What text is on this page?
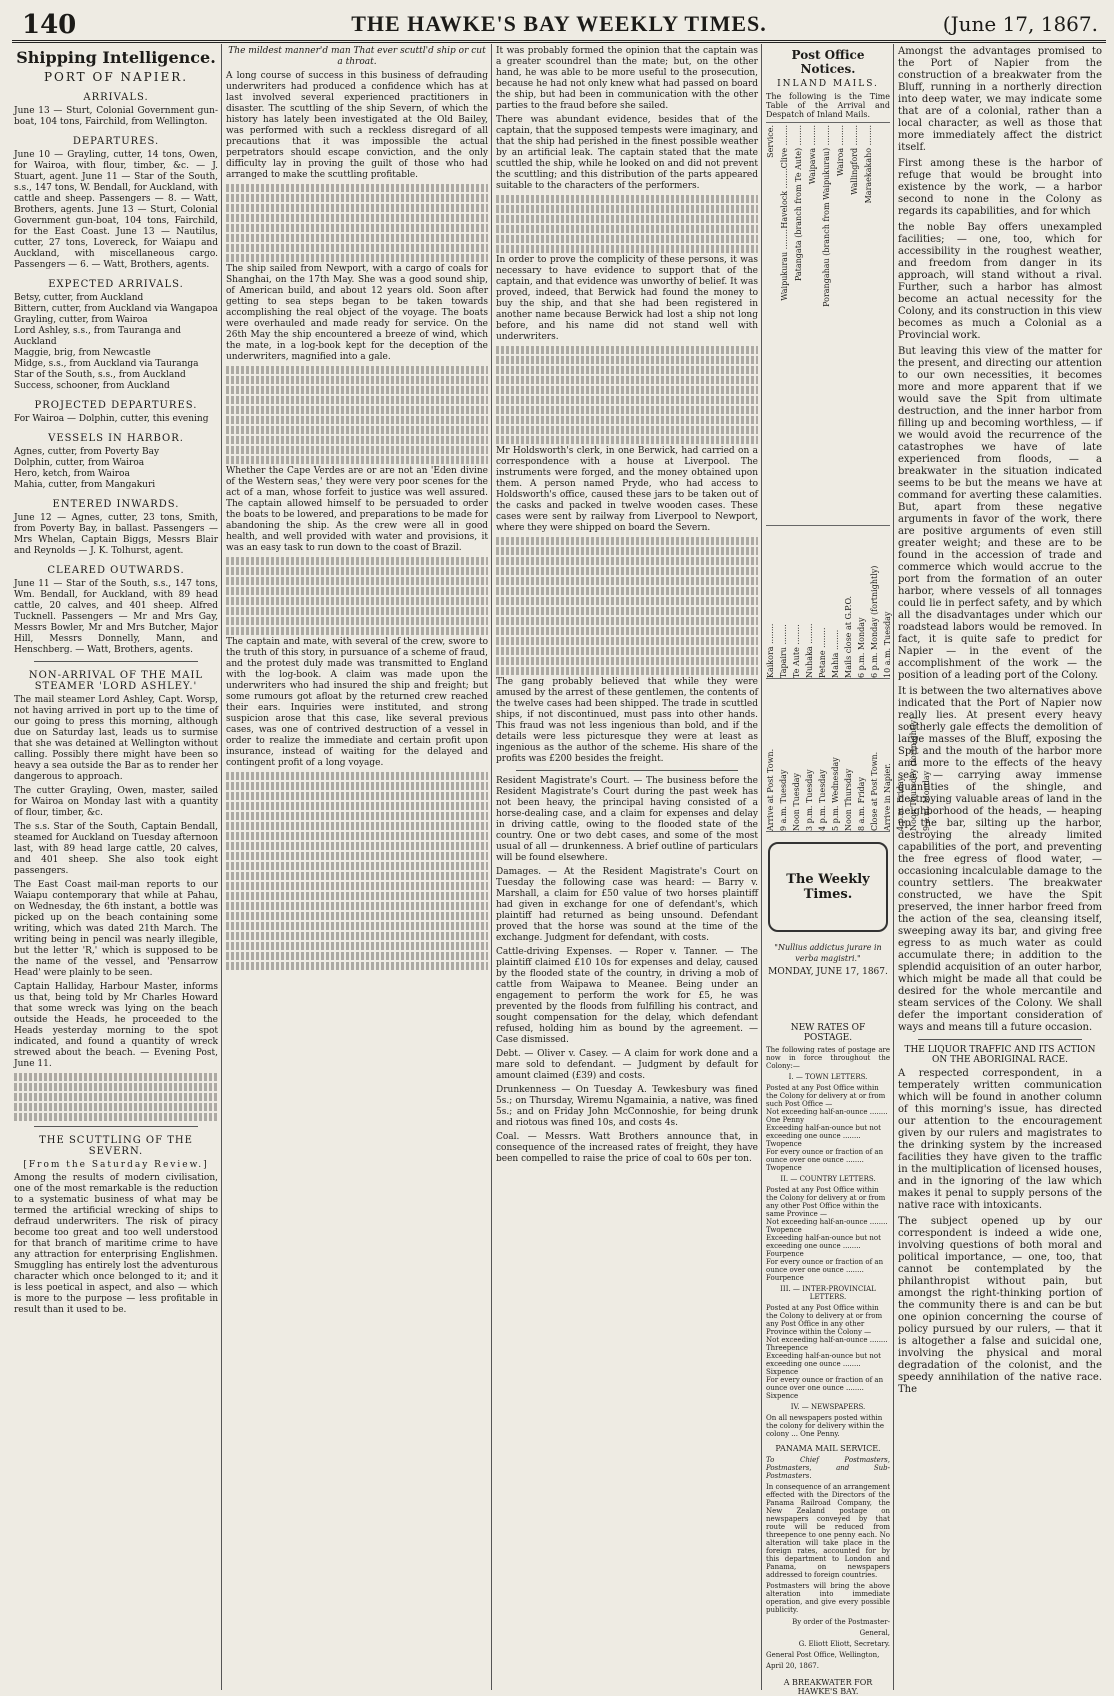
140	THE HAWKE'S BAY WEEKLY TIMES.	(June 17, 1867.
Shipping Intelligence.
PORT OF NAPIER.
ARRIVALS.

June 13 — Sturt, Colonial Government gun-boat, 104 tons, Fairchild, from Wellington.

DEPARTURES.

June 10 — Grayling, cutter, 14 tons, Owen, for Wairoa, with flour, timber, &c. — J. Stuart, agent. June 11 — Star of the South, s.s., 147 tons, W. Bendall, for Auckland, with cattle and sheep. Passengers — 8. — Watt, Brothers, agents. June 13 — Sturt, Colonial Government gun-boat, 104 tons, Fairchild, for the East Coast. June 13 — Nautilus, cutter, 27 tons, Lovereck, for Waiapu and Auckland, with miscellaneous cargo. Passengers — 6. — Watt, Brothers, agents.

EXPECTED ARRIVALS.
Betsy, cutter, from Auckland
Bittern, cutter, from Auckland via Wangapoa
Grayling, cutter, from Wairoa
Lord Ashley, s.s., from Tauranga and Auckland
Maggie, brig, from Newcastle
Midge, s.s., from Auckland via Tauranga
Star of the South, s.s., from Auckland
Success, schooner, from Auckland
PROJECTED DEPARTURES.

For Wairoa — Dolphin, cutter, this evening

VESSELS IN HARBOR.
Agnes, cutter, from Poverty Bay
Dolphin, cutter, from Wairoa
Hero, ketch, from Wairoa
Mahia, cutter, from Mangakuri
ENTERED INWARDS.

June 12 — Agnes, cutter, 23 tons, Smith, from Poverty Bay, in ballast. Passengers — Mrs Whelan, Captain Biggs, Messrs Blair and Reynolds — J. K. Tolhurst, agent.

CLEARED OUTWARDS.

June 11 — Star of the South, s.s., 147 tons, Wm. Bendall, for Auckland, with 89 head cattle, 20 calves, and 401 sheep. Alfred Tucknell. Passengers — Mr and Mrs Gay, Messrs Bowler, Mr and Mrs Butcher, Major Hill, Messrs Donnelly, Mann, and Henschberg. — Watt, Brothers, agents.

NON-ARRIVAL OF THE MAIL STEAMER 'LORD ASHLEY.'

The mail steamer Lord Ashley, Capt. Worsp, not having arrived in port up to the time of our going to press this morning, although due on Saturday last, leads us to surmise that she was detained at Wellington without calling. Possibly there might have been so heavy a sea outside the Bar as to render her dangerous to approach.

The cutter Grayling, Owen, master, sailed for Wairoa on Monday last with a quantity of flour, timber, &c.

The s.s. Star of the South, Captain Bendall, steamed for Auckland on Tuesday afternoon last, with 89 head large cattle, 20 calves, and 401 sheep. She also took eight passengers.

The East Coast mail-man reports to our Waiapu contemporary that while at Pahau, on Wednesday, the 6th instant, a bottle was picked up on the beach containing some writing, which was dated 21th March. The writing being in pencil was nearly illegible, but the letter 'R,' which is supposed to be the name of the vessel, and 'Pensarrow Head' were plainly to be seen.

Captain Halliday, Harbour Master, informs us that, being told by Mr Charles Howard that some wreck was lying on the beach outside the Heads, he proceeded to the Heads yesterday morning to the spot indicated, and found a quantity of wreck strewed about the beach. — Evening Post, June 11.

THE SCUTTLING OF THE SEVERN.
[From the Saturday Review.]

Among the results of modern civilisation, one of the most remarkable is the reduction to a systematic business of what may be termed the artificial wrecking of ships to defraud underwriters. The risk of piracy become too great and too well understood for that branch of maritime crime to have any attraction for enterprising Englishmen. Smuggling has entirely lost the adventurous character which once belonged to it; and it is less poetical in aspect, and also — which is more to the purpose — less profitable in result than it used to be.

The mildest manner'd man That ever scuttl'd ship or cut a throat.

A long course of success in this business of defrauding underwriters had produced a confidence which has at last involved several experienced practitioners in disaster. The scuttling of the ship Severn, of which the history has lately been investigated at the Old Bailey, was performed with such a reckless disregard of all precautions that it was impossible the actual perpetrators should escape conviction, and the only difficulty lay in proving the guilt of those who had arranged to make the scuttling profitable.

The ship sailed from Newport, with a cargo of coals for Shanghai, on the 17th May. She was a good sound ship, of American build, and about 12 years old. Soon after getting to sea steps began to be taken towards accomplishing the real object of the voyage. The boats were overhauled and made ready for service. On the 26th May the ship encountered a breeze of wind, which the mate, in a log-book kept for the deception of the underwriters, magnified into a gale.

Whether the Cape Verdes are or are not an 'Eden divine of the Western seas,' they were very poor scenes for the act of a man, whose forfeit to justice was well assured. The captain allowed himself to be persuaded to order the boats to be lowered, and preparations to be made for abandoning the ship. As the crew were all in good health, and well provided with water and provisions, it was an easy task to run down to the coast of Brazil.

The captain and mate, with several of the crew, swore to the truth of this story, in pursuance of a scheme of fraud, and the protest duly made was transmitted to England with the log-book. A claim was made upon the underwriters who had insured the ship and freight; but some rumours got afloat by the returned crew reached their ears. Inquiries were instituted, and strong suspicion arose that this case, like several previous cases, was one of contrived destruction of a vessel in order to realize the immediate and certain profit upon insurance, instead of waiting for the delayed and contingent profit of a long voyage.

It was probably formed the opinion that the captain was a greater scoundrel than the mate; but, on the other hand, he was able to be more useful to the prosecution, because he had not only knew what had passed on board the ship, but had been in communication with the other parties to the fraud before she sailed.

There was abundant evidence, besides that of the captain, that the supposed tempests were imaginary, and that the ship had perished in the finest possible weather by an artificial leak. The captain stated that the mate scuttled the ship, while he looked on and did not prevent the scuttling; and this distribution of the parts appeared suitable to the characters of the performers.

In order to prove the complicity of these persons, it was necessary to have evidence to support that of the captain, and that evidence was unworthy of belief. It was proved, indeed, that Berwick had found the money to buy the ship, and that she had been registered in another name because Berwick had lost a ship not long before, and his name did not stand well with underwriters.

Mr Holdsworth's clerk, in one Berwick, had carried on a correspondence with a house at Liverpool. The instruments were forged, and the money obtained upon them. A person named Pryde, who had access to Holdsworth's office, caused these jars to be taken out of the casks and packed in twelve wooden cases. These cases were sent by railway from Liverpool to Newport, where they were shipped on board the Severn.

The gang probably believed that while they were amused by the arrest of these gentlemen, the contents of the twelve cases had been shipped. The trade in scuttled ships, if not discontinued, must pass into other hands. This fraud was not less ingenious than bold, and if the details were less picturesque they were at least as ingenious as the author of the scheme. His share of the profits was £200 besides the freight.

Resident Magistrate's Court. — The business before the Resident Magistrate's Court during the past week has not been heavy, the principal having consisted of a horse-dealing case, and a claim for expenses and delay in driving cattle, owing to the flooded state of the country. One or two debt cases, and some of the most usual of all — drunkenness. A brief outline of particulars will be found elsewhere.

Damages. — At the Resident Magistrate's Court on Tuesday the following case was heard: — Barry v. Marshall, a claim for £50 value of two horses plaintiff had given in exchange for one of defendant's, which plaintiff had returned as being unsound. Defendant proved that the horse was sound at the time of the exchange. Judgment for defendant, with costs.

Cattle-driving Expenses. — Roper v. Tanner. — The plaintiff claimed £10 10s for expenses and delay, caused by the flooded state of the country, in driving a mob of cattle from Waipawa to Meanee. Being under an engagement to perform the work for £5, he was prevented by the floods from fulfilling his contract, and sought compensation for the delay, which defendant refused, holding him as bound by the agreement. — Case dismissed.

Debt. — Oliver v. Casey. — A claim for work done and a mare sold to defendant. — Judgment by default for amount claimed (£39) and costs.

Drunkenness — On Tuesday A. Tewkesbury was fined 5s.; on Thursday, Wiremu Ngamainia, a native, was fined 5s.; and on Friday John McConnoshie, for being drunk and riotous was fined 10s, and costs 4s.

Coal. — Messrs. Watt Brothers announce that, in consequence of the increased rates of freight, they have been compelled to raise the price of coal to 60s per ton.

Post Office Notices.
INLAND MAILS.

The following is the Time Table of the Arrival and Despatch of Inland Mails.

Service. Clive ........
Havelock ........
Waipukurau ........ Patangata (branch from Te Aute) ........ Waipawa ........ Porangahau (branch from Waipukurau) ........ Wairoa ........ Wallingford ........ Maraekakaho ........
Kaikora ........ Tapairu ........ Te Aute ........ Nuhaka ........ Petane ........ Mahia ........ Mails close at G.P.O. 6 p.m. Monday 6 p.m. Monday (fortnightly) 10 a.m. Tuesday
Arrive at Post Town. 9 a.m. Tuesday Noon Tuesday 3 p.m. Tuesday 4 p.m. Tuesday 5 p.m. Wednesday Noon Thursday 8 a.m. Friday Close at Post Town. Arrive in Napier. 4 p.m. Friday Noon Thursday (fortnightly) 9 a.m. Monday
The Weekly Times.

"Nullius addictus jurare in verba magistri."

MONDAY, JUNE 17, 1867.
NEW RATES OF POSTAGE.

The following rates of postage are now in force throughout the Colony:—

I. — TOWN LETTERS.
Posted at any Post Office within the Colony for delivery at or from such Post Office —
Not exceeding half-an-ounce ........ One Penny
Exceeding half-an-ounce but not exceeding one ounce ........ Twopence
For every ounce or fraction of an ounce over one ounce ........ Twopence
II. — COUNTRY LETTERS.
Posted at any Post Office within the Colony for delivery at or from any other Post Office within the same Province —
Not exceeding half-an-ounce ........ Twopence
Exceeding half-an-ounce but not exceeding one ounce ........ Fourpence
For every ounce or fraction of an ounce over one ounce ........ Fourpence
III. — INTER-PROVINCIAL LETTERS.
Posted at any Post Office within the Colony to delivery at or from any Post Office in any other Province within the Colony —
Not exceeding half-an-ounce ........ Threepence
Exceeding half-an-ounce but not exceeding one ounce ........ Sixpence
For every ounce or fraction of an ounce over one ounce ........ Sixpence
IV. — NEWSPAPERS.
On all newspapers posted within the colony for delivery within the colony ... One Penny.
PANAMA MAIL SERVICE.

To Chief Postmasters, Postmasters, and Sub-Postmasters.

In consequence of an arrangement effected with the Directors of the Panama Railroad Company, the New Zealand postage on newspapers conveyed by that route will be reduced from threepence to one penny each. No alteration will take place in the foreign rates, accounted for by this department to London and Panama, on newspapers addressed to foreign countries.

Postmasters will bring the above alteration into immediate operation, and give every possible publicity.

By order of the Postmaster-General,
G. Eliott Eliott, Secretary.
General Post Office, Wellington, April 20, 1867.
A BREAKWATER FOR HAWKE'S BAY.

Amongst the advantages promised to the Port of Napier from the construction of a breakwater from the Bluff, running in a northerly direction into deep water, we may indicate some that are of a colonial, rather than a local character, as well as those that more immediately affect the district itself.

First among these is the harbor of refuge that would be brought into existence by the work, — a harbor second to none in the Colony as regards its capabilities, and for which

the noble Bay offers unexampled facilities; — one, too, which for accessibility in the roughest weather, and freedom from danger in its approach, will stand without a rival. Further, such a harbor has almost become an actual necessity for the Colony, and its construction in this view becomes as much a Colonial as a Provincial work.

But leaving this view of the matter for the present, and directing our attention to our own necessities, it becomes more and more apparent that if we would save the Spit from ultimate destruction, and the inner harbor from filling up and becoming worthless, — if we would avoid the recurrence of the catastrophes we have of late experienced from floods, — a breakwater in the situation indicated seems to be but the means we have at command for averting these calamities. But, apart from these negative arguments in favor of the work, there are positive arguments of even still greater weight; and these are to be found in the accession of trade and commerce which would accrue to the port from the formation of an outer harbor, where vessels of all tonnages could lie in perfect safety, and by which all the disadvantages under which our roadstead labors would be removed. In fact, it is quite safe to predict for Napier — in the event of the accomplishment of the work — the position of a leading port of the Colony.

It is between the two alternatives above indicated that the Port of Napier now really lies. At present every heavy southerly gale effects the demolition of large masses of the Bluff, exposing the Spit and the mouth of the harbor more and more to the effects of the heavy sea, — carrying away immense quantities of the shingle, and destroying valuable areas of land in the neighborhood of the heads, — heaping up the bar, silting up the harbor, destroying the already limited capabilities of the port, and preventing the free egress of flood water, — occasioning incalculable damage to the country settlers. The breakwater constructed, we have the Spit preserved, the inner harbor freed from the action of the sea, cleansing itself, sweeping away its bar, and giving free egress to as much water as could accumulate there; in addition to the splendid acquisition of an outer harbor, which might be made all that could be desired for the whole mercantile and steam services of the Colony. We shall defer the important consideration of ways and means till a future occasion.

THE LIQUOR TRAFFIC AND ITS ACTION ON THE ABORIGINAL RACE.

A respected correspondent, in a temperately written communication which will be found in another column of this morning's issue, has directed our attention to the encouragement given by our rulers and magistrates to the drinking system by the increased facilities they have given to the traffic in the multiplication of licensed houses, and in the ignoring of the law which makes it penal to supply persons of the native race with intoxicants.

The subject opened up by our correspondent is indeed a wide one, involving questions of both moral and political importance, — one, too, that cannot be contemplated by the philanthropist without pain, but amongst the right-thinking portion of the community there is and can be but one opinion concerning the course of policy pursued by our rulers, — that it is altogether a false and suicidal one, involving the physical and moral degradation of the colonist, and the speedy annihilation of the native race. The
